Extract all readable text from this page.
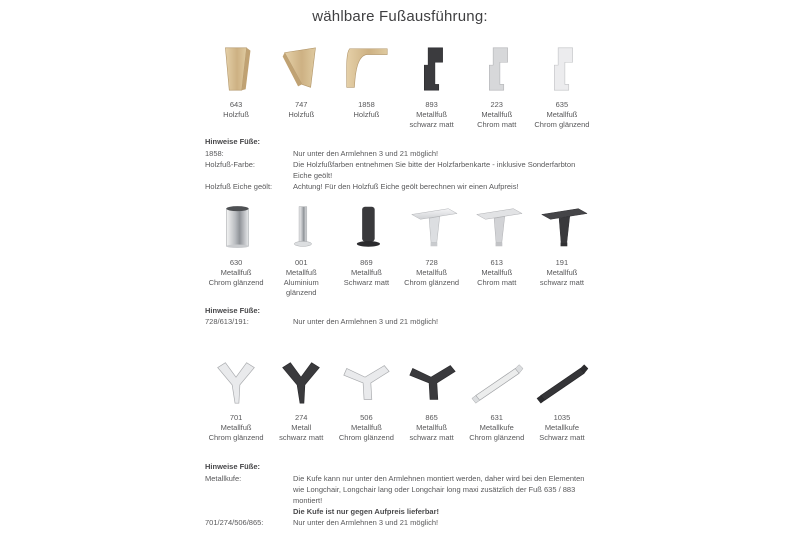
wählbare Fußausführung:
643
Holzfuß
747
Holzfuß
1858
Holzfuß
893
Metallfuß
schwarz matt
223
Metallfuß
Chrom matt
635
Metallfuß
Chrom glänzend
Hinweise Füße:
1858:	Nur unter den Armlehnen 3 und 21 möglich!
Holzfuß-Farbe:	Die Holzfußfarben entnehmen Sie bitte der Holzfarbenkarte - inklusive Sonderfarbton Eiche geölt!
Holzfuß Eiche geölt:	Achtung! Für den Holzfuß Eiche geölt berechnen wir einen Aufpreis!
630
Metallfuß
Chrom glänzend
001
Metallfuß
Aluminium
glänzend
869
Metallfuß
Schwarz matt
728
Metallfuß
Chrom glänzend
613
Metallfuß
Chrom matt
191
Metallfuß
schwarz matt
Hinweise Füße:
728/613/191:	Nur unter den Armlehnen 3 und 21 möglich!
701
Metallfuß
Chrom glänzend
274
Metall
schwarz matt
506
Metallfuß
Chrom glänzend
865
Metallfuß
schwarz matt
631
Metallkufe
Chrom glänzend
1035
Metallkufe
Schwarz matt
Hinweise Füße:
Metallkufe:	Die Kufe kann nur unter den Armlehnen montiert werden, daher wird bei den Elementen wie Longchair, Longchair lang oder Longchair long maxi zusätzlich der Fuß 635 / 883 montiert!
Die Kufe ist nur gegen Aufpreis lieferbar!
701/274/506/865:	Nur unter den Armlehnen 3 und 21 möglich!
